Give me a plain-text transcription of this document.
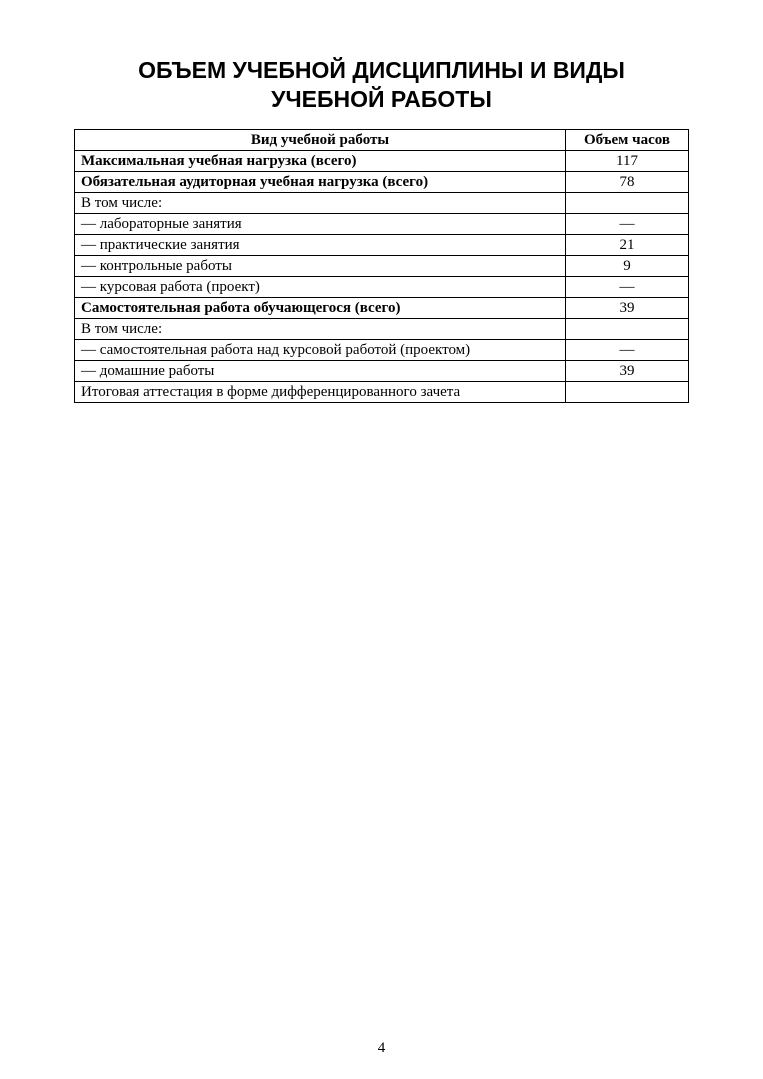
ОБЪЕМ УЧЕБНОЙ ДИСЦИПЛИНЫ И ВИДЫ
УЧЕБНОЙ РАБОТЫ
Вид учебной работы	Объем часов
Максимальная учебная нагрузка (всего)	117
Обязательная аудиторная учебная нагрузка (всего)	78
В том числе:	
— лабораторные занятия	—
— практические занятия	21
— контрольные работы	9
— курсовая работа (проект)	—
Самостоятельная работа обучающегося (всего)	39
В том числе:	
— самостоятельная работа над курсовой работой (проектом)	—
— домашние работы	39
Итоговая аттестация в форме дифференцированного зачета	
4
